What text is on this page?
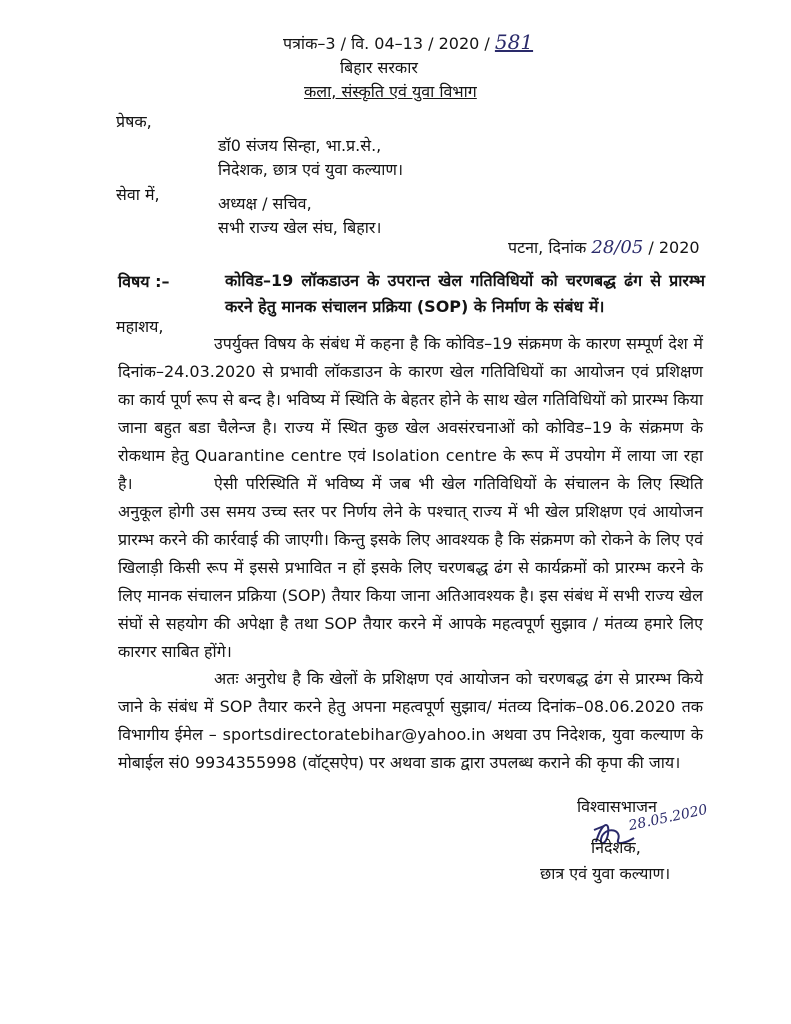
पत्रांक–3 / वि. 04–13 / 2020 / 581
बिहार सरकार
कला, संस्कृति एवं युवा विभाग
प्रेषक,
डॉ0 संजय सिन्हा, भा.प्र.से.,
निदेशक, छात्र एवं युवा कल्याण।
सेवा में,	अध्यक्ष / सचिव,
सभी राज्य खेल संघ, बिहार।
पटना, दिनांक 28/05 / 2020
विषय :–	कोविड–19 लॉकडाउन के उपरान्त खेल गतिविधियों को चरणबद्ध ढंग से प्रारम्भ करने हेतु मानक संचालन प्रक्रिया (SOP) के निर्माण के संबंध में।
महाशय,
उपर्युक्त विषय के संबंध में कहना है कि कोविड–19 संक्रमण के कारण सम्पूर्ण देश में दिनांक–24.03.2020 से प्रभावी लॉकडाउन के कारण खेल गतिविधियों का आयोजन एवं प्रशिक्षण का कार्य पूर्ण रूप से बन्द है। भविष्य में स्थिति के बेहतर होने के साथ खेल गतिविधियों को प्रारम्भ किया जाना बहुत बडा चैलेन्ज है। राज्य में स्थित कुछ खेल अवसंरचनाओं को कोविड–19 के संक्रमण के रोकथाम हेतु Quarantine centre एवं Isolation centre के रूप में उपयोग में लाया जा रहा है।	ऐसी परिस्थिति में भविष्य में जब भी खेल गतिविधियों के संचालन के लिए स्थिति अनुकूल होगी उस समय उच्च स्तर पर निर्णय लेने के पश्चात् राज्य में भी खेल प्रशिक्षण एवं आयोजन प्रारम्भ करने की कार्रवाई की जाएगी। किन्तु इसके लिए आवश्यक है कि संक्रमण को रोकने के लिए एवं खिलाड़ी किसी रूप में इससे प्रभावित न हों इसके लिए चरणबद्ध ढंग से कार्यक्रमों को प्रारम्भ करने के लिए मानक संचालन प्रक्रिया (SOP) तैयार किया जाना अतिआवश्यक है। इस संबंध में सभी राज्य खेल संघों से सहयोग की अपेक्षा है तथा SOP तैयार करने में आपके महत्वपूर्ण सुझाव / मंतव्य हमारे लिए कारगर साबित होंगे।
अतः अनुरोध है कि खेलों के प्रशिक्षण एवं आयोजन को चरणबद्ध ढंग से प्रारम्भ किये जाने के संबंध में SOP तैयार करने हेतु अपना महत्वपूर्ण सुझाव/ मंतव्य दिनांक–08.06.2020 तक विभागीय ईमेल – sportsdirectoratebihar@yahoo.in अथवा उप निदेशक, युवा कल्याण के मोबाईल सं0 9934355998 (वॉट्सऐप) पर अथवा डाक द्वारा उपलब्ध कराने की कृपा की जाय।
विश्वासभाजन
28.05.2020
निदेशक,
छात्र एवं युवा कल्याण।
